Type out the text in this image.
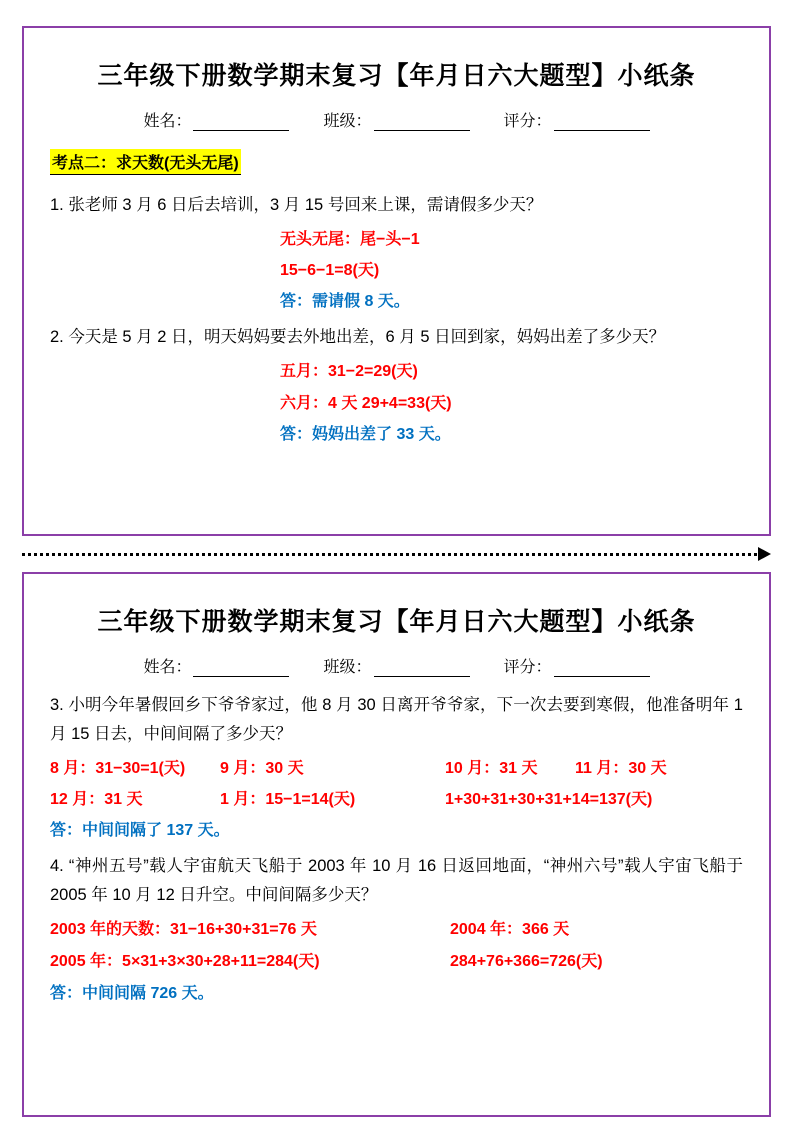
三年级下册数学期末复习【年月日六大题型】小纸条
姓名：	班级：	评分：
考点二：求天数(无头无尾)
1. 张老师 3 月 6 日后去培训，3 月 15 号回来上课，需请假多少天？
无头无尾：尾−头−1
15−6−1=8(天)
答：需请假 8 天。
2. 今天是 5 月 2 日，明天妈妈要去外地出差，6 月 5 日回到家，妈妈出差了多少天？
五月：31−2=29(天)
六月：4 天 29+4=33(天)
答：妈妈出差了 33 天。
三年级下册数学期末复习【年月日六大题型】小纸条
姓名：	班级：	评分：
3. 小明今年暑假回乡下爷爷家过，他 8 月 30 日离开爷爷家，下一次去要到寒假，他准备明年 1 月 15 日去，中间间隔了多少天？
8 月：31−30=1(天)	9 月：30 天	10 月：31 天	11 月：30 天
12 月：31 天	1 月：15−1=14(天)	1+30+31+30+31+14=137(天)
答：中间间隔了 137 天。
4. “神州五号”载人宇宙航天飞船于 2003 年 10 月 16 日返回地面，“神州六号”载人宇宙飞船于 2005 年 10 月 12 日升空。中间间隔多少天？
2003 年的天数：31−16+30+31=76 天	2004 年：366 天
2005 年：5×31+3×30+28+11=284(天)	284+76+366=726(天)
答：中间间隔 726 天。
